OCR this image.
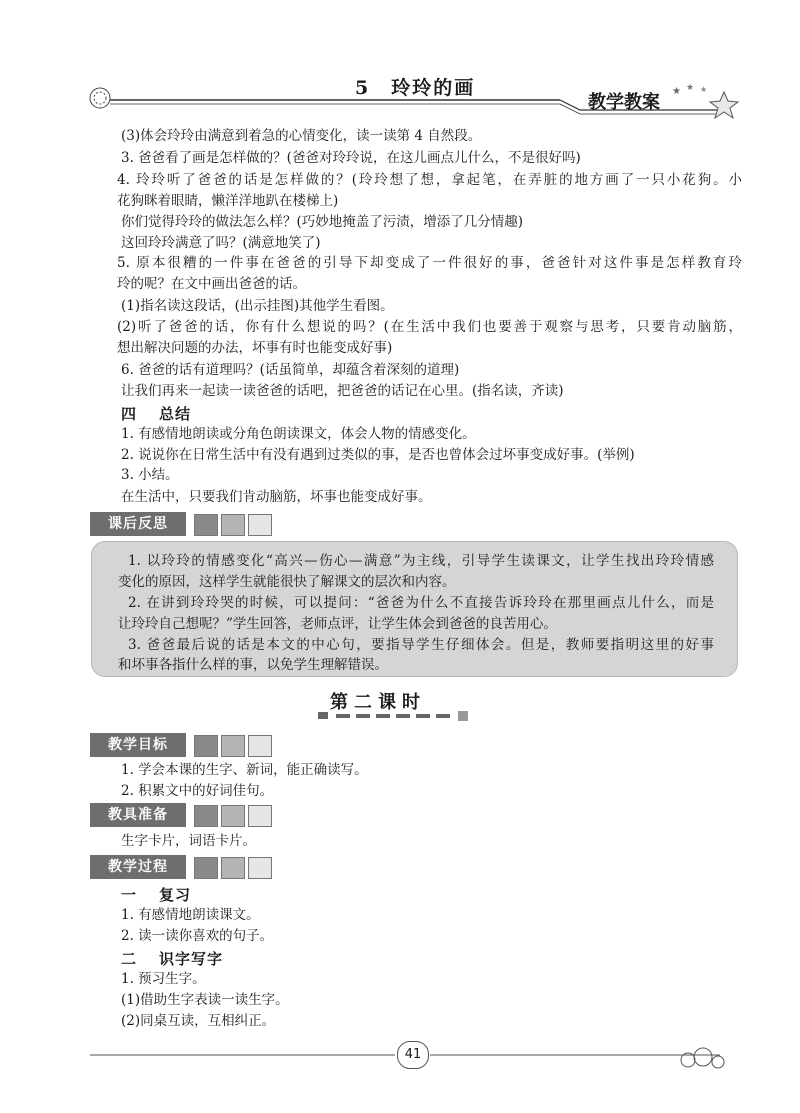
★ ★ ★
5　玲玲的画
教学教案
(3)体会玲玲由满意到着急的心情变化，读一读第 4 自然段。
3. 爸爸看了画是怎样做的？(爸爸对玲玲说，在这儿画点儿什么，不是很好吗)
4. 玲玲听了爸爸的话是怎样做的？(玲玲想了想，拿起笔，在弄脏的地方画了一只小花狗。小
花狗眯着眼睛，懒洋洋地趴在楼梯上)
你们觉得玲玲的做法怎么样？(巧妙地掩盖了污渍，增添了几分情趣)
这回玲玲满意了吗？(满意地笑了)
5. 原本很糟的一件事在爸爸的引导下却变成了一件很好的事，爸爸针对这件事是怎样教育玲
玲的呢？在文中画出爸爸的话。
(1)指名读这段话，(出示挂图)其他学生看图。
(2)听了爸爸的话，你有什么想说的吗？(在生活中我们也要善于观察与思考，只要肯动脑筋，
想出解决问题的办法，坏事有时也能变成好事)
6. 爸爸的话有道理吗？(话虽简单，却蕴含着深刻的道理)
让我们再来一起读一读爸爸的话吧，把爸爸的话记在心里。(指名读，齐读)
四 总结
1. 有感情地朗读或分角色朗读课文，体会人物的情感变化。
2. 说说你在日常生活中有没有遇到过类似的事，是否也曾体会过坏事变成好事。(举例)
3. 小结。
在生活中，只要我们肯动脑筋，坏事也能变成好事。
课后反思
1. 以玲玲的情感变化“高兴—伤心—满意”为主线，引导学生读课文，让学生找出玲玲情感
变化的原因，这样学生就能很快了解课文的层次和内容。
2. 在讲到玲玲哭的时候，可以提问：“爸爸为什么不直接告诉玲玲在那里画点儿什么，而是
让玲玲自己想呢？”学生回答，老师点评，让学生体会到爸爸的良苦用心。
3. 爸爸最后说的话是本文的中心句，要指导学生仔细体会。但是，教师要指明这里的好事
和坏事各指什么样的事，以免学生理解错误。
第二课时
教学目标
1. 学会本课的生字、新词，能正确读写。
2. 积累文中的好词佳句。
教具准备
生字卡片，词语卡片。
教学过程
一 复习
1. 有感情地朗读课文。
2. 读一读你喜欢的句子。
二 识字写字
1. 预习生字。
(1)借助生字表读一读生字。
(2)同桌互读，互相纠正。
41
